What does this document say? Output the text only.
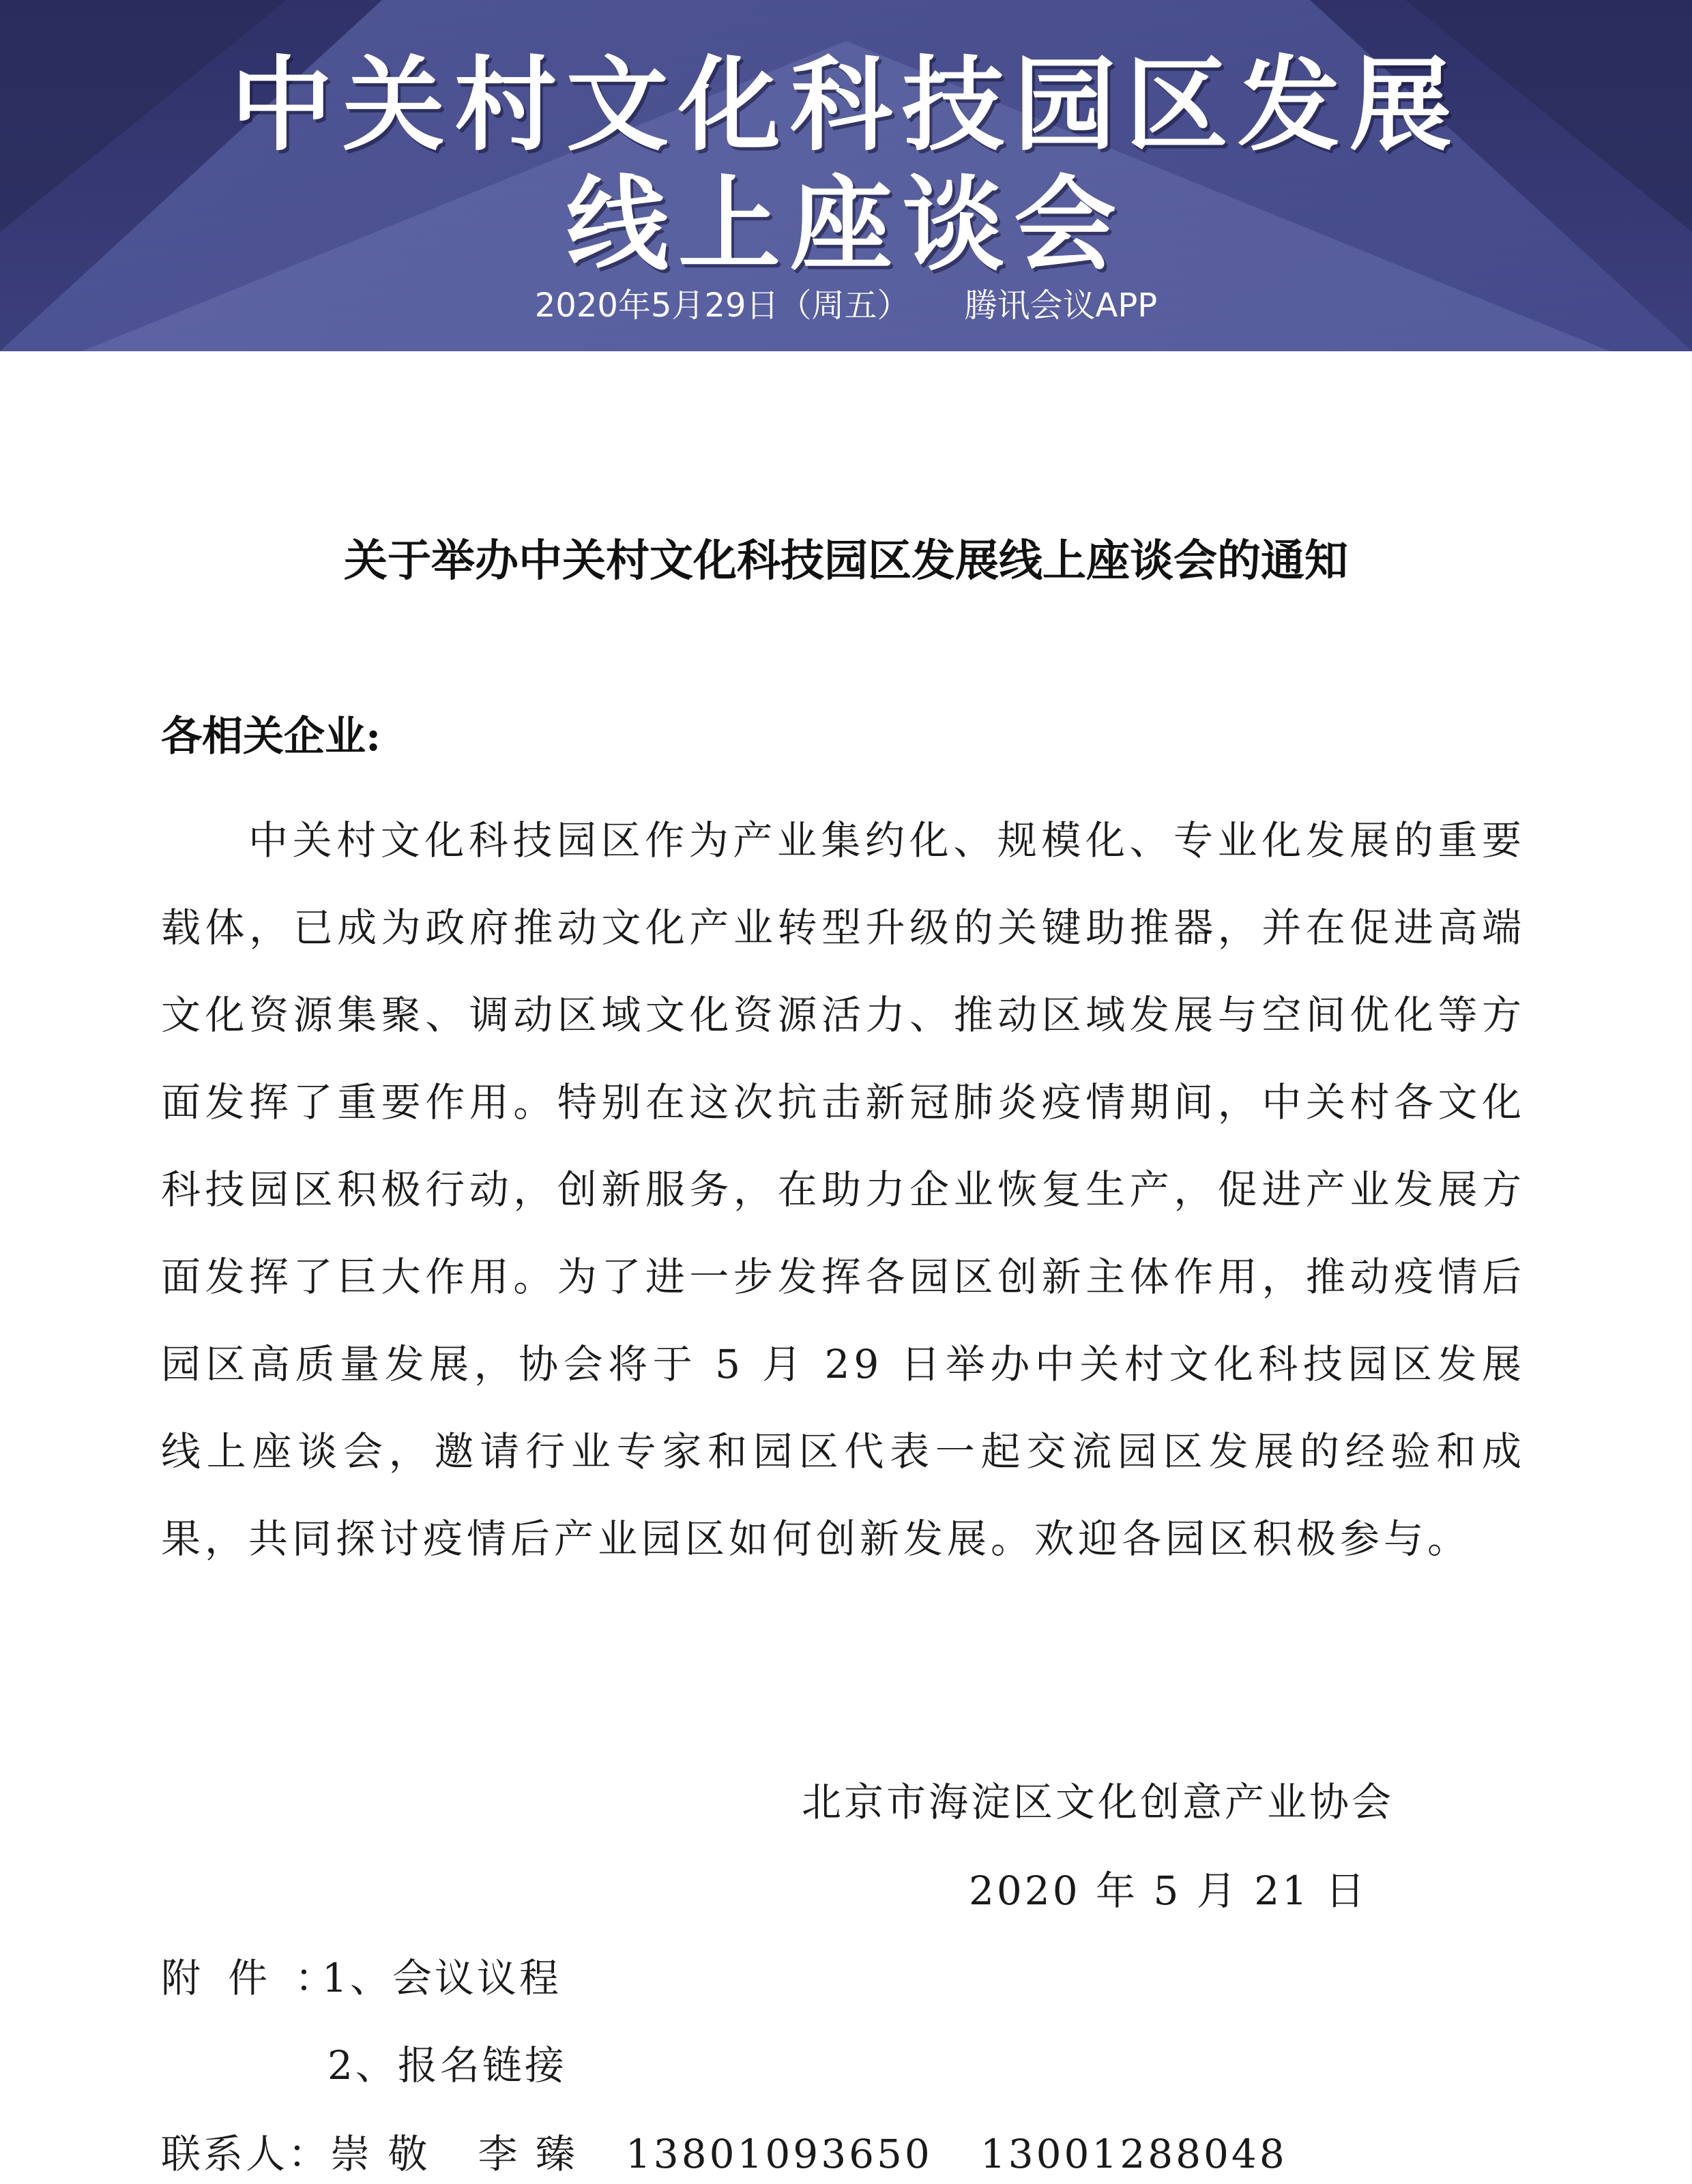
中关村文化科技园区发展
线上座谈会
2020年5月29日（周五） 腾讯会议APP
关于举办中关村文化科技园区发展线上座谈会的通知
各相关企业:

中关村文化科技园区作为产业集约化、规模化、专业化发展的重要载体，已成为政府推动文化产业转型升级的关键助推器，并在促进高端文化资源集聚、调动区域文化资源活力、推动区域发展与空间优化等方面发挥了重要作用。特别在这次抗击新冠肺炎疫情期间，中关村各文化科技园区积极行动，创新服务，在助力企业恢复生产，促进产业发展方面发挥了巨大作用。为了进一步发挥各园区创新主体作用，推动疫情后园区高质量发展，协会将于 5 月 29 日举办中关村文化科技园区发展线上座谈会，邀请行业专家和园区代表一起交流园区发展的经验和成果，共同探讨疫情后产业园区如何创新发展。欢迎各园区积极参与。

北京市海淀区文化创意产业协会
2020 年 5 月 21 日
附件：1、会议议程
2、报名链接
联系人：崇 敬 李 臻 13801093650 13001288048
